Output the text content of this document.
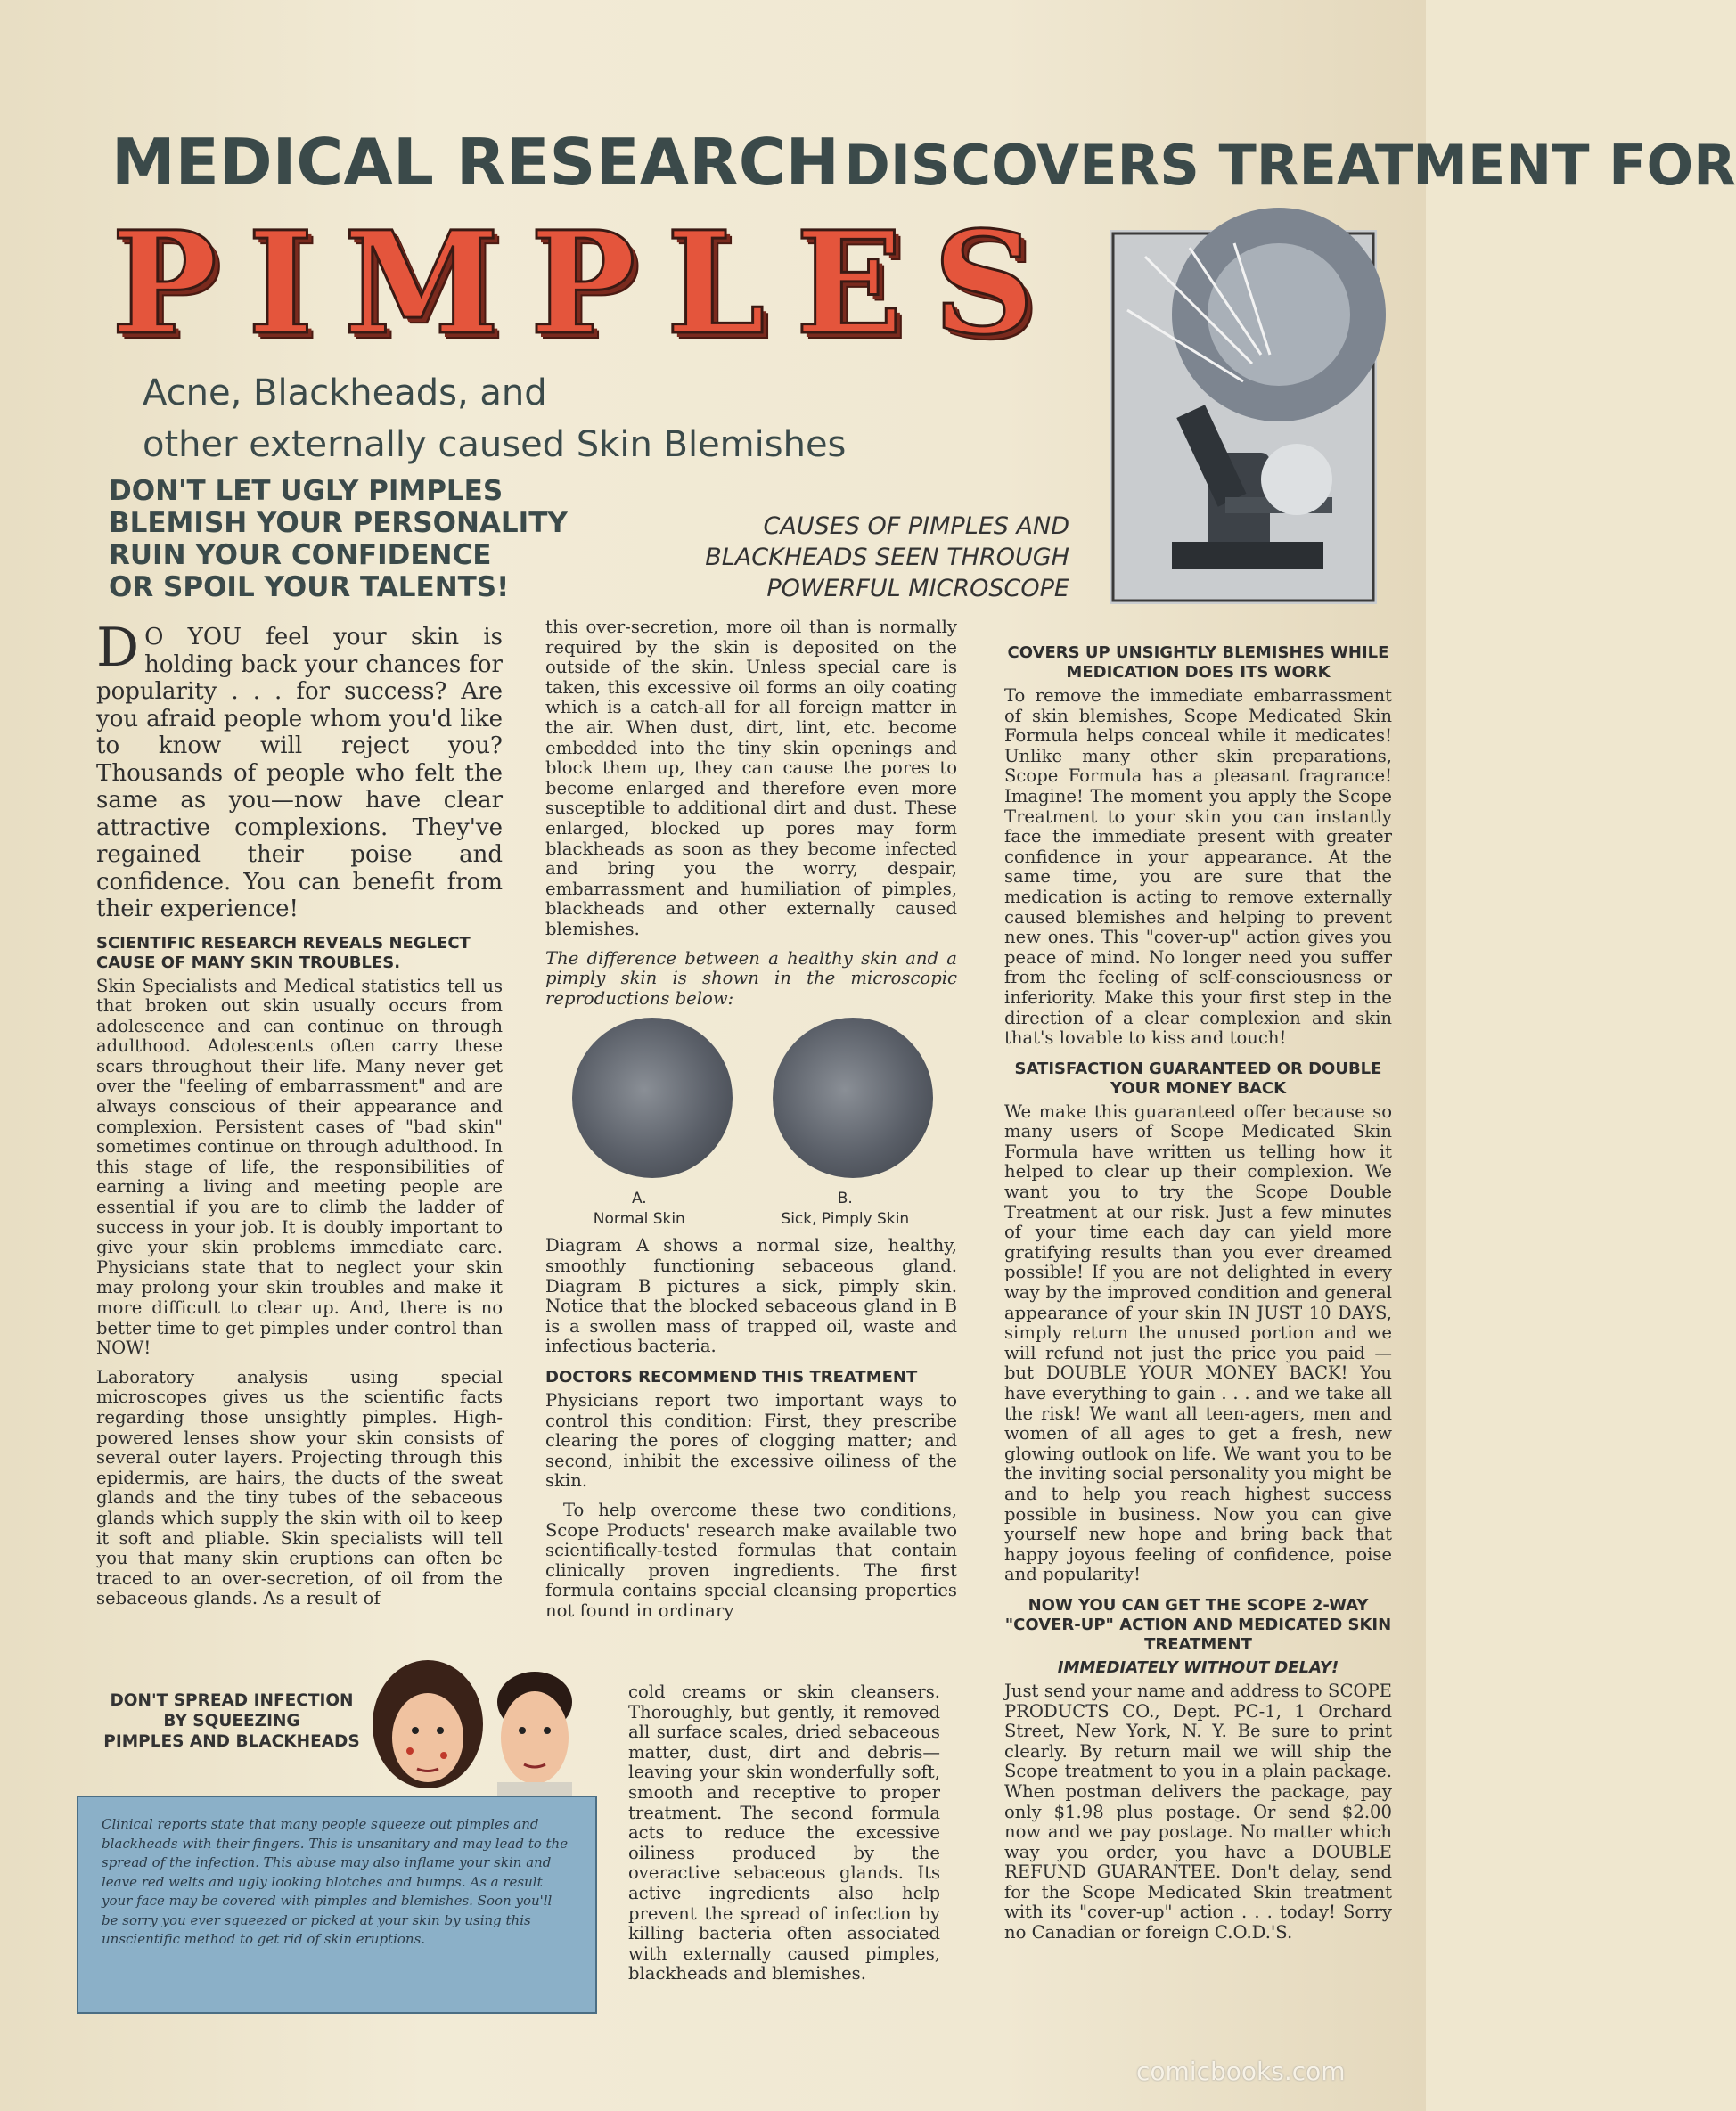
MEDICAL RESEARCH DISCOVERS TREATMENT FOR
PIMPLES
Acne, Blackheads, and
other externally caused Skin Blemishes
DON'T LET UGLY PIMPLES
BLEMISH YOUR PERSONALITY
RUIN YOUR CONFIDENCE
OR SPOIL YOUR TALENTS!
CAUSES OF PIMPLES AND
BLACKHEADS SEEN THROUGH
POWERFUL MICROSCOPE

D O YOU feel your skin is holding back your chances for popularity . . . for success? Are you afraid people whom you'd like to know will reject you? Thousands of people who felt the same as you—now have clear attractive complexions. They've regained their poise and confidence. You can benefit from their experience!

SCIENTIFIC RESEARCH REVEALS NEGLECT CAUSE OF MANY SKIN TROUBLES.

Skin Specialists and Medical statistics tell us that broken out skin usually occurs from adolescence and can continue on through adulthood. Adolescents often carry these scars throughout their life. Many never get over the "feeling of embarrassment" and are always conscious of their appearance and complexion. Persistent cases of "bad skin" sometimes continue on through adulthood. In this stage of life, the responsibilities of earning a living and meeting people are essential if you are to climb the ladder of success in your job. It is doubly important to give your skin problems immediate care. Physicians state that to neglect your skin may prolong your skin troubles and make it more difficult to clear up. And, there is no better time to get pimples under control than NOW!

Laboratory analysis using special microscopes gives us the scientific facts regarding those unsightly pimples. High-powered lenses show your skin consists of several outer layers. Projecting through this epidermis, are hairs, the ducts of the sweat glands and the tiny tubes of the sebaceous glands which supply the skin with oil to keep it soft and pliable. Skin specialists will tell you that many skin eruptions can often be traced to an over-secretion, of oil from the sebaceous glands. As a result of

this over-secretion, more oil than is normally required by the skin is deposited on the outside of the skin. Unless special care is taken, this excessive oil forms an oily coating which is a catch-all for all foreign matter in the air. When dust, dirt, lint, etc. become embedded into the tiny skin openings and block them up, they can cause the pores to become enlarged and therefore even more susceptible to additional dirt and dust. These enlarged, blocked up pores may form blackheads as soon as they become infected and bring you the worry, despair, embarrassment and humiliation of pimples, blackheads and other externally caused blemishes.

The difference between a healthy skin and a pimply skin is shown in the microscopic reproductions below:

A.
Normal Skin
B.
Sick, Pimply Skin

Diagram A shows a normal size, healthy, smoothly functioning sebaceous gland. Diagram B pictures a sick, pimply skin. Notice that the blocked sebaceous gland in B is a swollen mass of trapped oil, waste and infectious bacteria.

DOCTORS RECOMMEND THIS TREATMENT

Physicians report two important ways to control this condition: First, they prescribe clearing the pores of clogging matter; and second, inhibit the excessive oiliness of the skin.

To help overcome these two conditions, Scope Products' research make available two scientifically-tested formulas that contain clinically proven ingredients. The first formula contains special cleansing properties not found in ordinary

cold creams or skin cleansers. Thoroughly, but gently, it removed all surface scales, dried sebaceous matter, dust, dirt and debris—leaving your skin wonderfully soft, smooth and receptive to proper treatment. The second formula acts to reduce the excessive oiliness produced by the overactive sebaceous glands. Its active ingredients also help prevent the spread of infection by killing bacteria often associated with externally caused pimples, blackheads and blemishes.

COVERS UP UNSIGHTLY BLEMISHES WHILE MEDICATION DOES ITS WORK

To remove the immediate embarrassment of skin blemishes, Scope Medicated Skin Formula helps conceal while it medicates! Unlike many other skin preparations, Scope Formula has a pleasant fragrance! Imagine! The moment you apply the Scope Treatment to your skin you can instantly face the immediate present with greater confidence in your appearance. At the same time, you are sure that the medication is acting to remove externally caused blemishes and helping to prevent new ones. This "cover-up" action gives you peace of mind. No longer need you suffer from the feeling of self-consciousness or inferiority. Make this your first step in the direction of a clear complexion and skin that's lovable to kiss and touch!

SATISFACTION GUARANTEED OR DOUBLE YOUR MONEY BACK

We make this guaranteed offer because so many users of Scope Medicated Skin Formula have written us telling how it helped to clear up their complexion. We want you to try the Scope Double Treatment at our risk. Just a few minutes of your time each day can yield more gratifying results than you ever dreamed possible! If you are not delighted in every way by the improved condition and general appearance of your skin IN JUST 10 DAYS, simply return the unused portion and we will refund not just the price you paid — but DOUBLE YOUR MONEY BACK! You have everything to gain . . . and we take all the risk! We want all teen-agers, men and women of all ages to get a fresh, new glowing outlook on life. We want you to be the inviting social personality you might be and to help you reach highest success possible in business. Now you can give yourself new hope and bring back that happy joyous feeling of confidence, poise and popularity!

NOW YOU CAN GET THE SCOPE 2-WAY "COVER-UP" ACTION AND MEDICATED SKIN TREATMENT
IMMEDIATELY WITHOUT DELAY!

Just send your name and address to SCOPE PRODUCTS CO., Dept. PC-1, 1 Orchard Street, New York, N. Y. Be sure to print clearly. By return mail we will ship the Scope treatment to you in a plain package. When postman delivers the package, pay only $1.98 plus postage. Or send $2.00 now and we pay postage. No matter which way you order, you have a DOUBLE REFUND GUARANTEE. Don't delay, send for the Scope Medicated Skin treatment with its "cover-up" action . . . today! Sorry no Canadian or foreign C.O.D.'S.

DON'T SPREAD INFECTION
BY SQUEEZING
PIMPLES AND BLACKHEADS
Clinical reports state that many people squeeze out pimples and blackheads with their fingers. This is unsanitary and may lead to the spread of the infection. This abuse may also inflame your skin and leave red welts and ugly looking blotches and bumps. As a result your face may be covered with pimples and blemishes. Soon you'll be sorry you ever squeezed or picked at your skin by using this unscientific method to get rid of skin eruptions.
comicbooks.com
